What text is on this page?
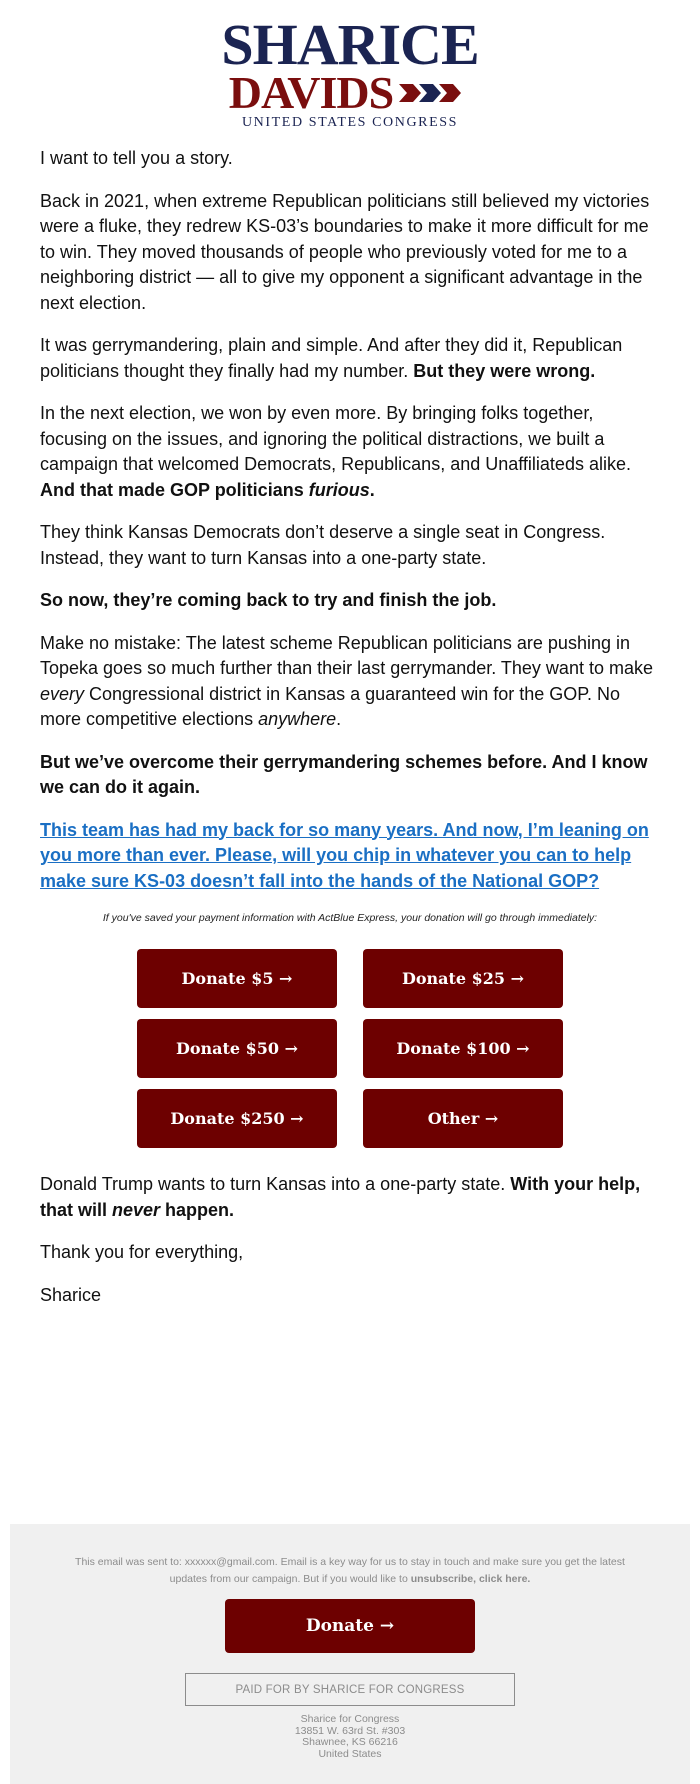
SHARICE
DAVIDS
UNITED STATES CONGRESS

I want to tell you a story.

Back in 2021, when extreme Republican politicians still believed my victories were a fluke, they redrew KS-03’s boundaries to make it more difficult for me to win. They moved thousands of people who previously voted for me to a neighboring district — all to give my opponent a significant advantage in the next election.

It was gerrymandering, plain and simple. And after they did it, Republican politicians thought they finally had my number. But they were wrong.

In the next election, we won by even more. By bringing folks together, focusing on the issues, and ignoring the political distractions, we built a campaign that welcomed Democrats, Republicans, and Unaffiliateds alike. And that made GOP politicians furious.

They think Kansas Democrats don’t deserve a single seat in Congress. Instead, they want to turn Kansas into a one-party state.

So now, they’re coming back to try and finish the job.

Make no mistake: The latest scheme Republican politicians are pushing in Topeka goes so much further than their last gerrymander. They want to make every Congressional district in Kansas a guaranteed win for the GOP. No more competitive elections anywhere.

But we’ve overcome their gerrymandering schemes before. And I know we can do it again.

This team has had my back for so many years. And now, I’m leaning on you more than ever. Please, will you chip in whatever you can to help make sure KS-03 doesn’t fall into the hands of the National GOP?

If you've saved your payment information with ActBlue Express, your donation will go through immediately:
Donate $5 →	Donate $25 →
Donate $50 →	Donate $100 →
Donate $250 →	Other →

Donald Trump wants to turn Kansas into a one-party state. With your help, that will never happen.

Thank you for everything,

Sharice

This email was sent to: xxxxxx@gmail.com. Email is a key way for us to stay in touch and make sure you get the latest updates from our campaign. But if you would like to unsubscribe, click here.
Donate →
PAID FOR BY SHARICE FOR CONGRESS
Sharice for Congress
13851 W. 63rd St. #303
Shawnee, KS 66216
United States
